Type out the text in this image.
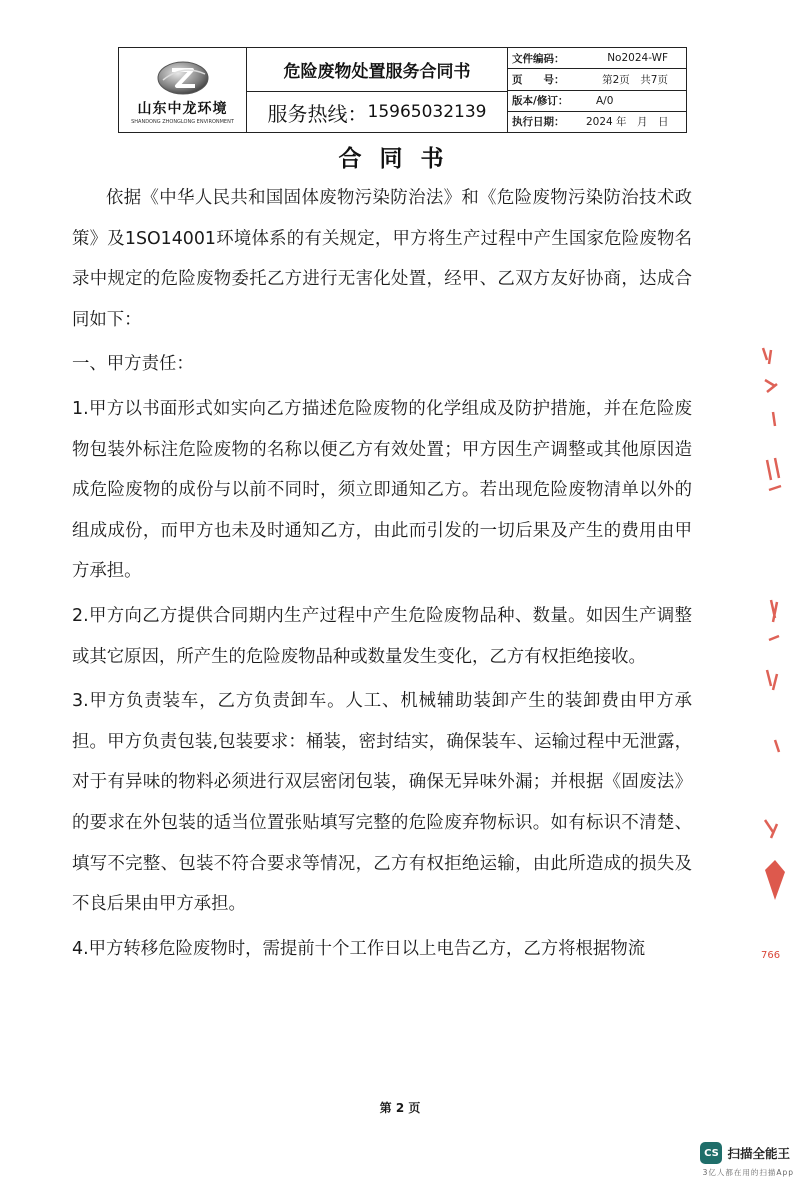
山东中龙环境
SHANDONG ZHONGLONG ENVIRONMENT
危险废物处置服务合同书
服务热线： 15965032139
文件编码：	No2024-WF
页　　号：	第2页　共7页
版本/修订：	A/0
执行日期：	2024 年　月　日
合同书

依据《中华人民共和国固体废物污染防治法》和《危险废物污染防治技术政策》及1SO14001环境体系的有关规定，甲方将生产过程中产生国家危险废物名录中规定的危险废物委托乙方进行无害化处置，经甲、乙双方友好协商，达成合同如下：

一、甲方责任：

1.甲方以书面形式如实向乙方描述危险废物的化学组成及防护措施，并在危险废物包装外标注危险废物的名称以便乙方有效处置；甲方因生产调整或其他原因造成危险废物的成份与以前不同时，须立即通知乙方。若出现危险废物清单以外的组成成份，而甲方也未及时通知乙方，由此而引发的一切后果及产生的费用由甲方承担。

2.甲方向乙方提供合同期内生产过程中产生危险废物品种、数量。如因生产调整或其它原因，所产生的危险废物品种或数量发生变化，乙方有权拒绝接收。

3.甲方负责装车，乙方负责卸车。人工、机械辅助装卸产生的装卸费由甲方承担。甲方负责包装,包装要求：桶装，密封结实，确保装车、运输过程中无泄露，对于有异味的物料必须进行双层密闭包装，确保无异味外漏；并根据《固废法》的要求在外包装的适当位置张贴填写完整的危险废弃物标识。如有标识不清楚、填写不完整、包装不符合要求等情况，乙方有权拒绝运输，由此所造成的损失及不良后果由甲方承担。

4.甲方转移危险废物时，需提前十个工作日以上电告乙方，乙方将根据物流	766
第 2 页
CS 扫描全能王
3亿人都在用的扫描App
